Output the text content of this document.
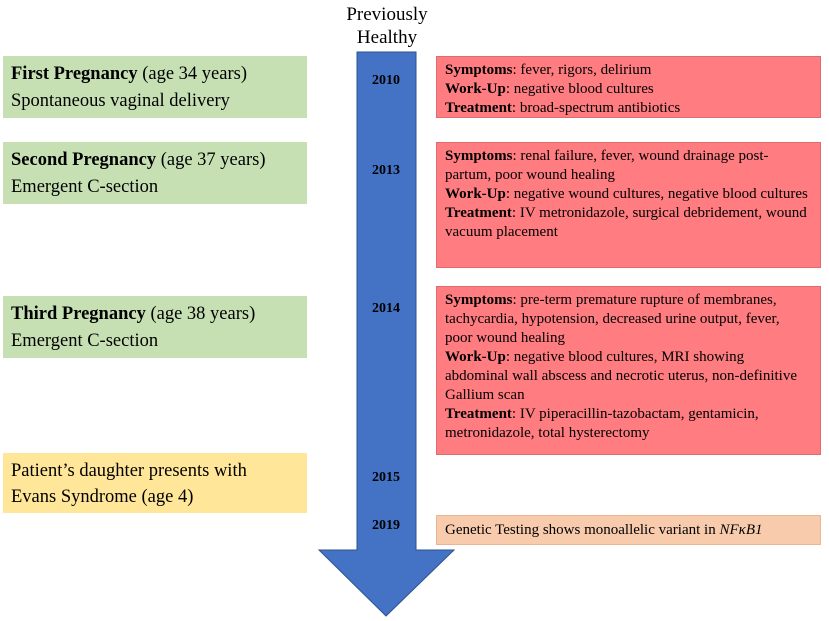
Previously
Healthy
2010
2013
2014
2015
2019
First Pregnancy (age 34 years)
Spontaneous vaginal delivery
Second Pregnancy (age 37 years)
Emergent C-section
Third Pregnancy (age 38 years)
Emergent C-section
Patient’s daughter presents with
Evans Syndrome (age 4)
Symptoms: fever, rigors, delirium
Work-Up: negative blood cultures
Treatment: broad-spectrum antibiotics
Symptoms: renal failure, fever, wound drainage post-partum, poor wound healing
Work-Up: negative wound cultures, negative blood cultures
Treatment: IV metronidazole, surgical debridement, wound vacuum placement
Symptoms: pre-term premature rupture of membranes, tachycardia, hypotension, decreased urine output, fever, poor wound healing
Work-Up: negative blood cultures, MRI showing abdominal wall abscess and necrotic uterus, non-definitive Gallium scan
Treatment: IV piperacillin-tazobactam, gentamicin, metronidazole, total hysterectomy
Genetic Testing shows monoallelic variant in NFκB1
